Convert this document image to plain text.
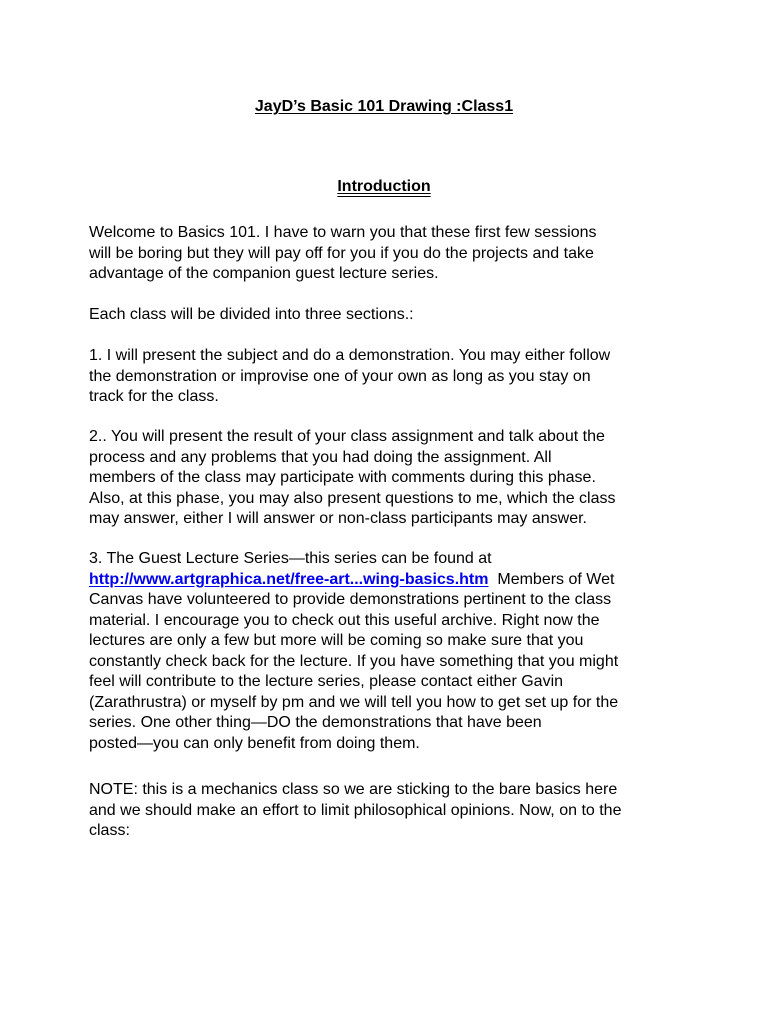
JayD’s Basic 101 Drawing :Class1
Introduction

Welcome to Basics 101. I have to warn you that these first few sessions
will be boring but they will pay off for you if you do the projects and take
advantage of the companion guest lecture series.

Each class will be divided into three sections.:

1. I will present the subject and do a demonstration. You may either follow
the demonstration or improvise one of your own as long as you stay on
track for the class.

2.. You will present the result of your class assignment and talk about the
process and any problems that you had doing the assignment. All
members of the class may participate with comments during this phase.
Also, at this phase, you may also present questions to me, which the class
may answer, either I will answer or non-class participants may answer.

3. The Guest Lecture Series—this series can be found at
http://www.artgraphica.net/free-art...wing-basics.htm Members of Wet
Canvas have volunteered to provide demonstrations pertinent to the class
material. I encourage you to check out this useful archive. Right now the
lectures are only a few but more will be coming so make sure that you
constantly check back for the lecture. If you have something that you might
feel will contribute to the lecture series, please contact either Gavin
(Zarathrustra) or myself by pm and we will tell you how to get set up for the
series. One other thing—DO the demonstrations that have been
posted—you can only benefit from doing them.

NOTE: this is a mechanics class so we are sticking to the bare basics here
and we should make an effort to limit philosophical opinions. Now, on to the
class:
